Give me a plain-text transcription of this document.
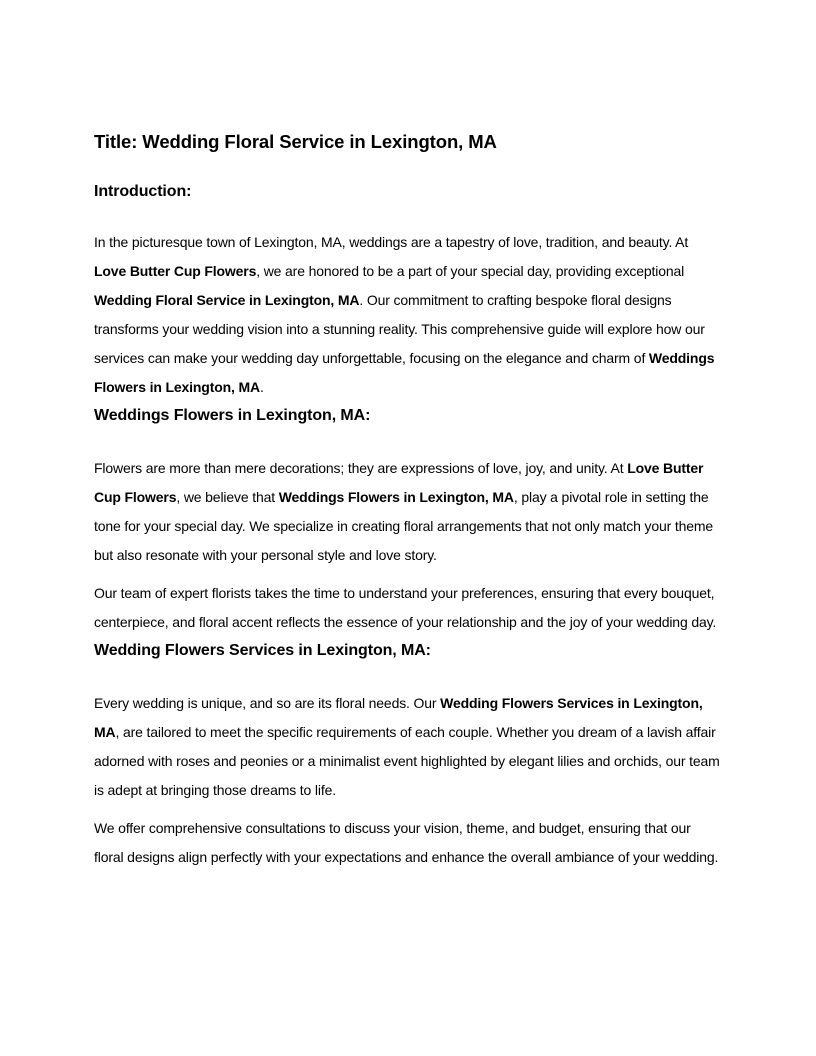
Title: Wedding Floral Service in Lexington, MA
Introduction:

In the picturesque town of Lexington, MA, weddings are a tapestry of love, tradition, and beauty. At Love Butter Cup Flowers, we are honored to be a part of your special day, providing exceptional Wedding Floral Service in Lexington, MA. Our commitment to crafting bespoke floral designs transforms your wedding vision into a stunning reality. This comprehensive guide will explore how our services can make your wedding day unforgettable, focusing on the elegance and charm of Weddings Flowers in Lexington, MA.

Weddings Flowers in Lexington, MA:

Flowers are more than mere decorations; they are expressions of love, joy, and unity. At Love Butter Cup Flowers, we believe that Weddings Flowers in Lexington, MA, play a pivotal role in setting the tone for your special day. We specialize in creating floral arrangements that not only match your theme but also resonate with your personal style and love story.

Our team of expert florists takes the time to understand your preferences, ensuring that every bouquet, centerpiece, and floral accent reflects the essence of your relationship and the joy of your wedding day.

Wedding Flowers Services in Lexington, MA:

Every wedding is unique, and so are its floral needs. Our Wedding Flowers Services in Lexington, MA, are tailored to meet the specific requirements of each couple. Whether you dream of a lavish affair adorned with roses and peonies or a minimalist event highlighted by elegant lilies and orchids, our team is adept at bringing those dreams to life.

We offer comprehensive consultations to discuss your vision, theme, and budget, ensuring that our floral designs align perfectly with your expectations and enhance the overall ambiance of your wedding.
